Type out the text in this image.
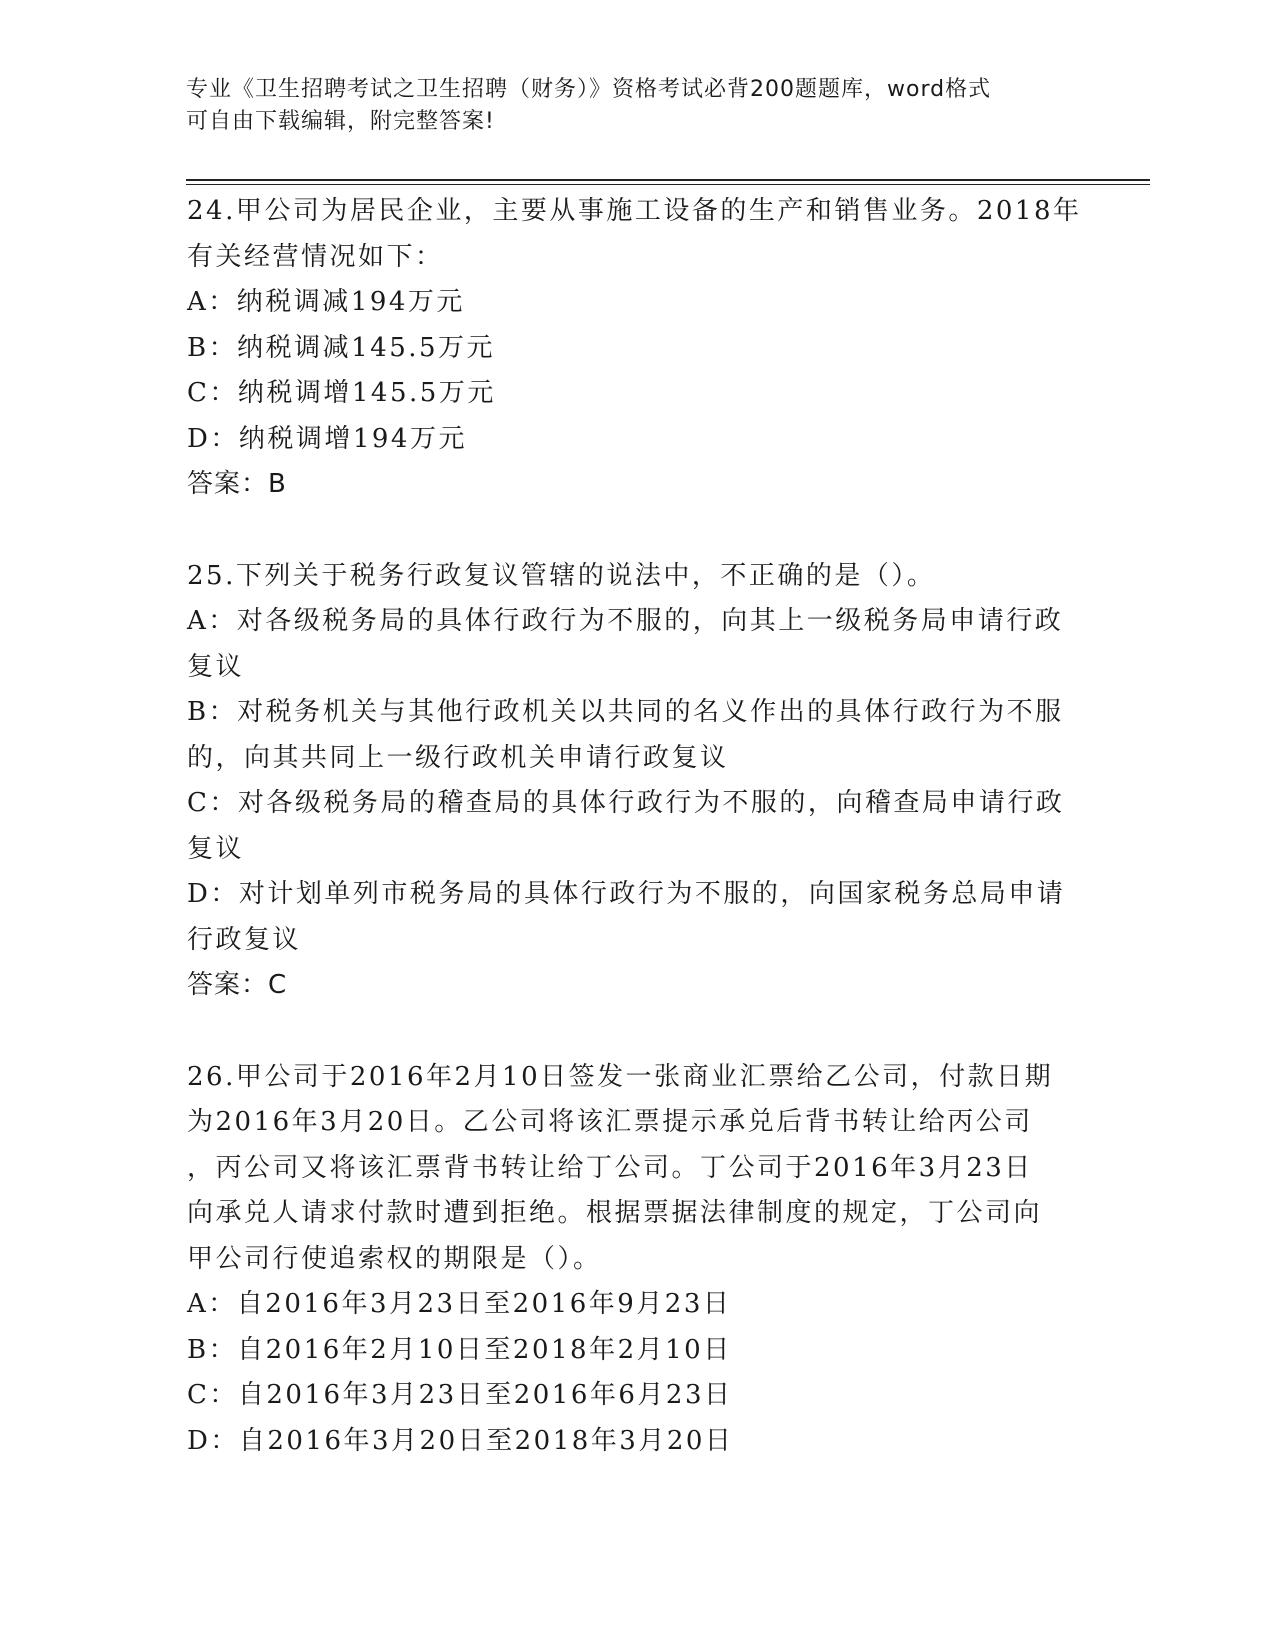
专业《卫生招聘考试之卫生招聘（财务）》资格考试必背200题题库，word格式
可自由下载编辑，附完整答案!
24.甲公司为居民企业，主要从事施工设备的生产和销售业务。2018年
有关经营情况如下：
A：纳税调减194万元
B：纳税调减145.5万元
C：纳税调增145.5万元
D：纳税调增194万元
答案：B
25.下列关于税务行政复议管辖的说法中，不正确的是（）。
A：对各级税务局的具体行政行为不服的，向其上一级税务局申请行政
复议
B：对税务机关与其他行政机关以共同的名义作出的具体行政行为不服
的，向其共同上一级行政机关申请行政复议
C：对各级税务局的稽查局的具体行政行为不服的，向稽查局申请行政
复议
D：对计划单列市税务局的具体行政行为不服的，向国家税务总局申请
行政复议
答案：C
26.甲公司于2016年2月10日签发一张商业汇票给乙公司，付款日期
为2016年3月20日。乙公司将该汇票提示承兑后背书转让给丙公司
，丙公司又将该汇票背书转让给丁公司。丁公司于2016年3月23日
向承兑人请求付款时遭到拒绝。根据票据法律制度的规定，丁公司向
甲公司行使追索权的期限是（）。
A：自2016年3月23日至2016年9月23日
B：自2016年2月10日至2018年2月10日
C：自2016年3月23日至2016年6月23日
D：自2016年3月20日至2018年3月20日
